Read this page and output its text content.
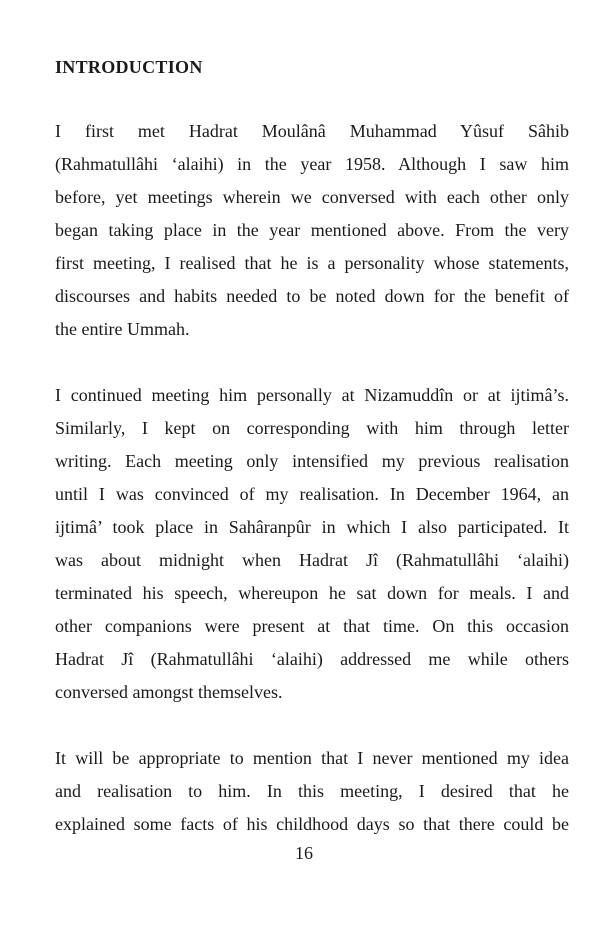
INTRODUCTION

I first met Hadrat Moulânâ Muhammad Yûsuf Sâhib
(Rahmatullâhi ‘alaihi) in the year 1958. Although I saw him
before, yet meetings wherein we conversed with each other only
began taking place in the year mentioned above. From the very
first meeting, I realised that he is a personality whose statements,
discourses and habits needed to be noted down for the benefit of
the entire Ummah.

I continued meeting him personally at Nizamuddîn or at ijtimâ’s.
Similarly, I kept on corresponding with him through letter
writing. Each meeting only intensified my previous realisation
until I was convinced of my realisation. In December 1964, an
ijtimâ’ took place in Sahâranpûr in which I also participated. It
was about midnight when Hadrat Jî (Rahmatullâhi ‘alaihi)
terminated his speech, whereupon he sat down for meals. I and
other companions were present at that time. On this occasion
Hadrat Jî (Rahmatullâhi ‘alaihi) addressed me while others
conversed amongst themselves.

It will be appropriate to mention that I never mentioned my idea
and realisation to him. In this meeting, I desired that he
explained some facts of his childhood days so that there could be

16
